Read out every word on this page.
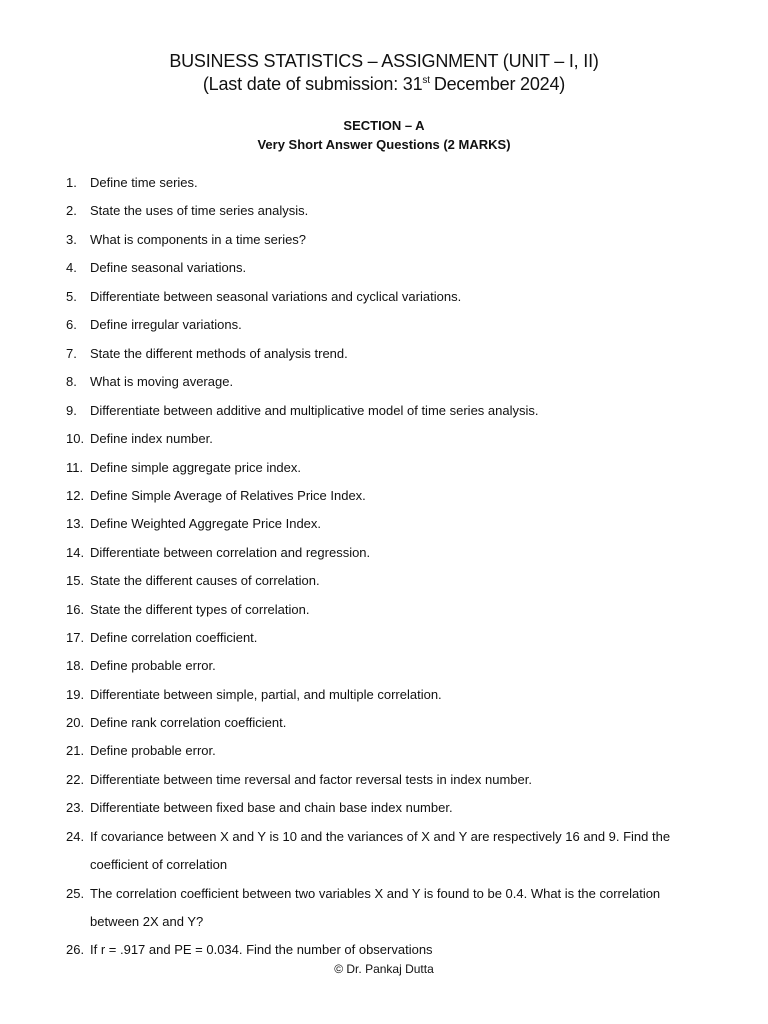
BUSINESS STATISTICS – ASSIGNMENT (UNIT – I, II)
(Last date of submission: 31st December 2024)
SECTION – A
Very Short Answer Questions (2 MARKS)
1.	Define time series.
2.	State the uses of time series analysis.
3.	What is components in a time series?
4.	Define seasonal variations.
5.	Differentiate between seasonal variations and cyclical variations.
6.	Define irregular variations.
7.	State the different methods of analysis trend.
8.	What is moving average.
9.	Differentiate between additive and multiplicative model of time series analysis.
10. Define index number.
11. Define simple aggregate price index.
12. Define Simple Average of Relatives Price Index.
13. Define Weighted Aggregate Price Index.
14. Differentiate between correlation and regression.
15. State the different causes of correlation.
16. State the different types of correlation.
17. Define correlation coefficient.
18. Define probable error.
19. Differentiate between simple, partial, and multiple correlation.
20. Define rank correlation coefficient.
21. Define probable error.
22. Differentiate between time reversal and factor reversal tests in index number.
23. Differentiate between fixed base and chain base index number.
24. If covariance between X and Y is 10 and the variances of X and Y are respectively 16 and 9. Find the
coefficient of correlation
25. The correlation coefficient between two variables X and Y is found to be 0.4. What is the correlation
between 2X and Y?
26. If r = .917 and PE = 0.034. Find the number of observations
© Dr. Pankaj Dutta
